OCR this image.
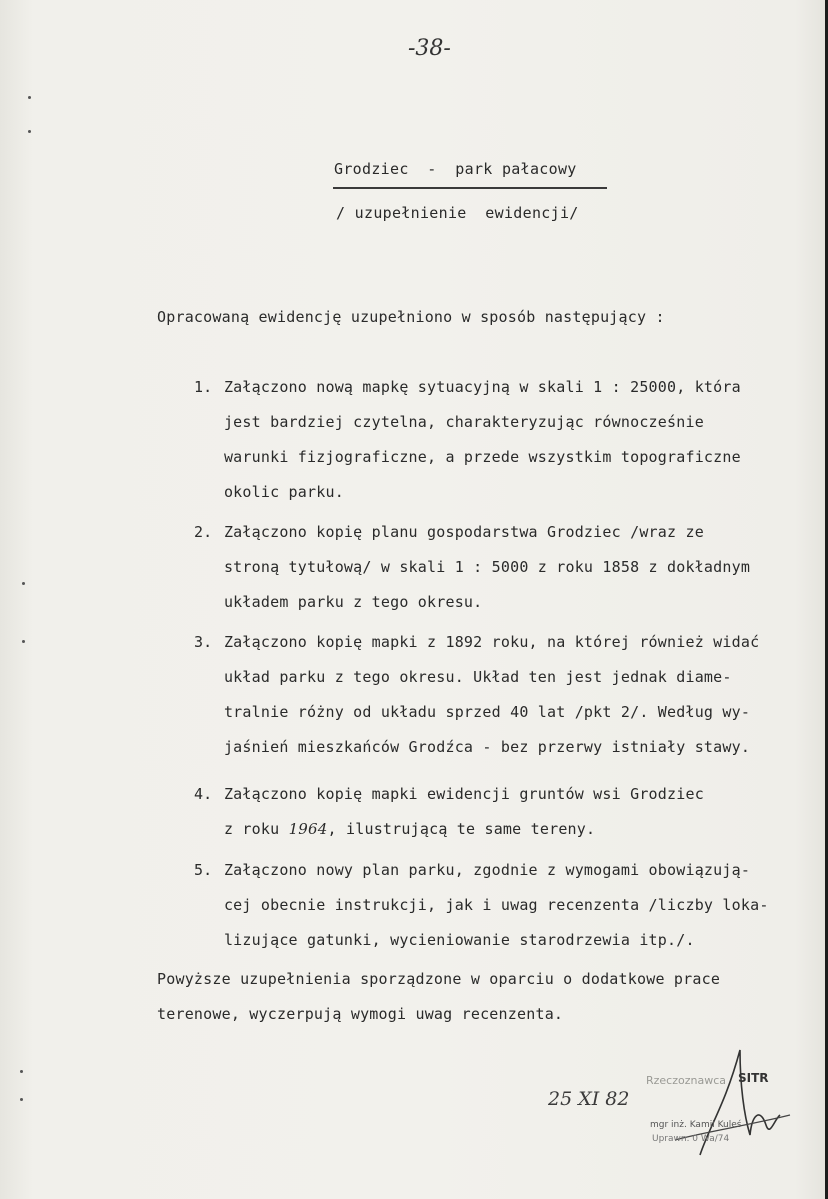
-38-
Grodziec  -  park pałacowy
/ uzupełnienie  ewidencji/
Opracowaną ewidencję uzupełniono w sposób następujący :

1. Załączono nową mapkę sytuacyjną w skali 1 : 25000, która
jest bardziej czytelna, charakteryzując równocześnie
warunki fizjograficzne, a przede wszystkim topograficzne
okolic parku.

2. Załączono kopię planu gospodarstwa Grodziec /wraz ze
stroną tytułową/ w skali 1 : 5000 z roku 1858 z dokładnym
układem parku z tego okresu.

3. Załączono kopię mapki z 1892 roku, na której również widać
układ parku z tego okresu. Układ ten jest jednak diame-
tralnie różny od układu sprzed 40 lat /pkt 2/. Według wy-
jaśnień mieszkańców Grodźca - bez przerwy istniały stawy.

4. Załączono kopię mapki ewidencji gruntów wsi Grodziec
z roku 1964, ilustrującą te same tereny.

5. Załączono nowy plan parku, zgodnie z wymogami obowiązują-
cej obecnie instrukcji, jak i uwag recenzenta /liczby loka-
lizujące gatunki, wycieniowanie starodrzewia itp./.

Powyższe uzupełnienia sporządzone w oparciu o dodatkowe prace
terenowe, wyczerpują wymogi uwag recenzenta.
25 XI 82
Rzeczoznawca SITR
mgr inż. Kamil Kuleś
Uprawn. 0 Wa/74
